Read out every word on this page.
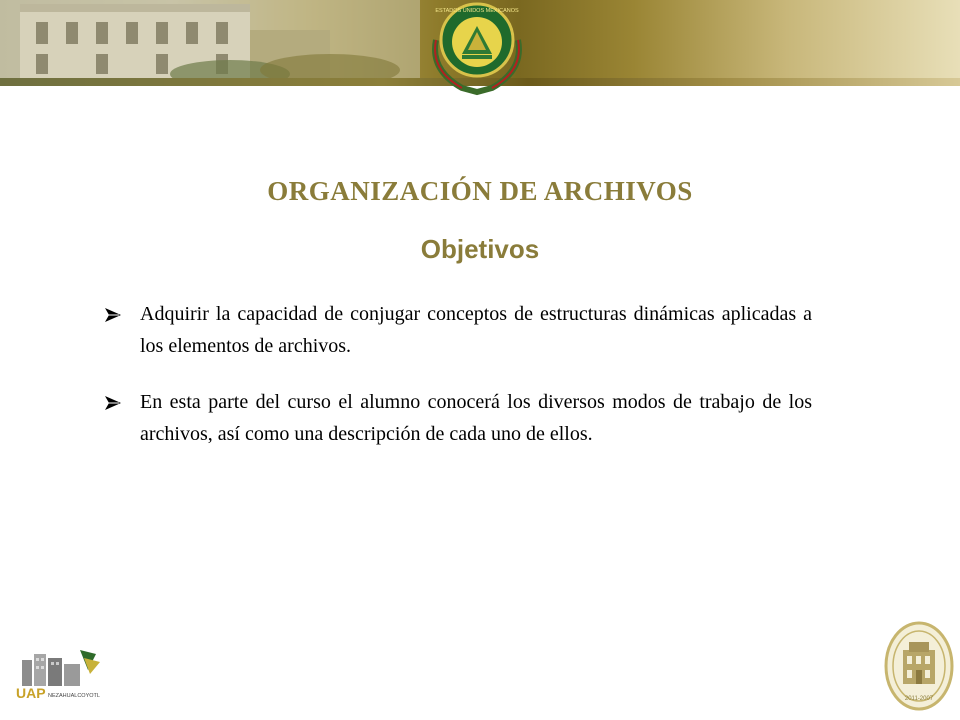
ESTADOS UNIDOS MEXICANOS
ORGANIZACIÓN DE ARCHIVOS
Objetivos
Adquirir la capacidad de conjugar conceptos de estructuras dinámicas aplicadas a los elementos de archivos.
En esta parte del curso el alumno conocerá los diversos modos de trabajo de los archivos, así como una descripción de cada uno de ellos.
UAP NEZAHUALCOYOTL	2011-2007
